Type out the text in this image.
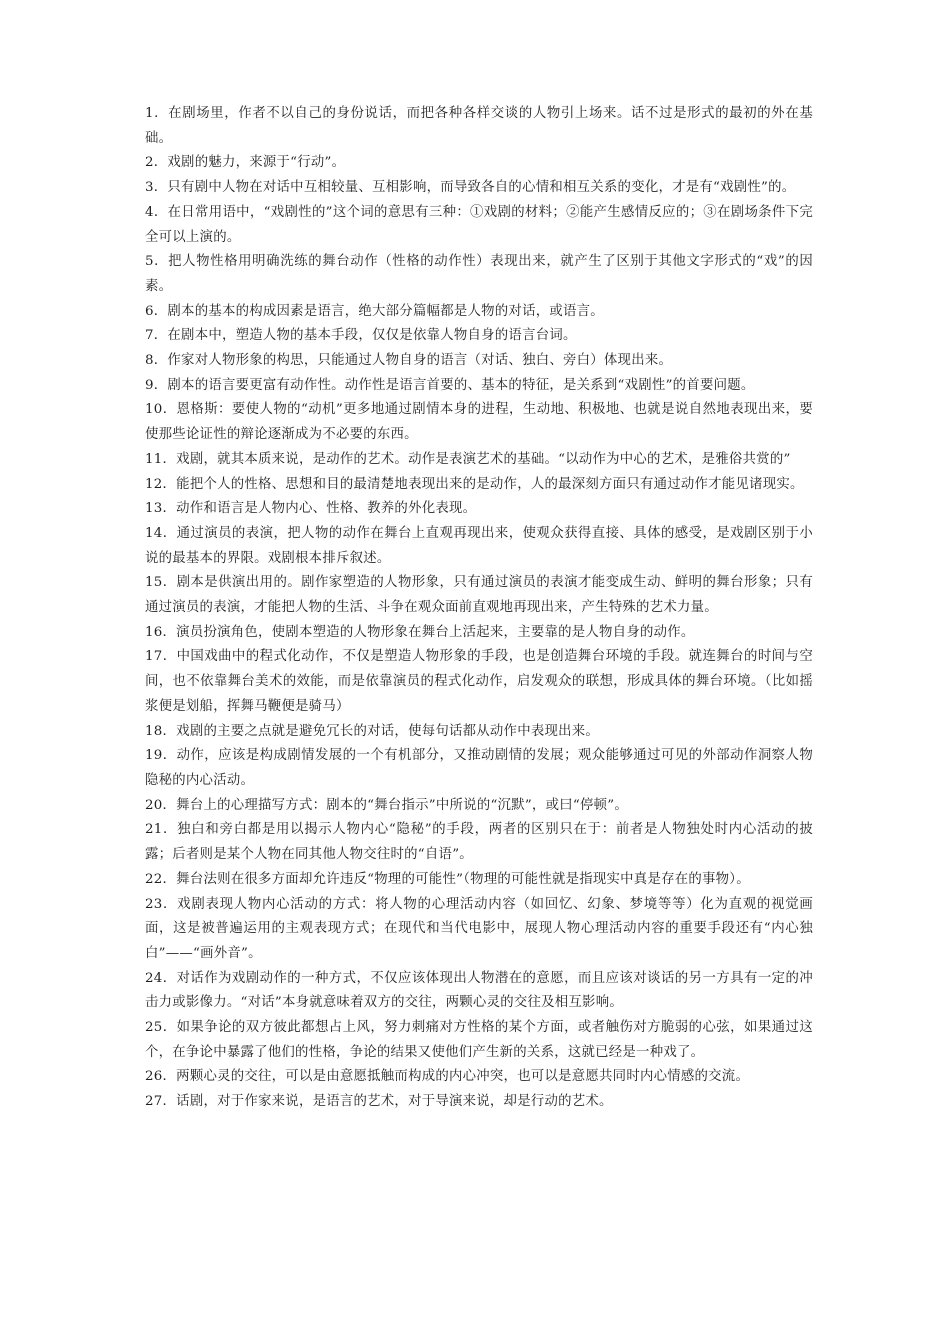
1．在剧场里，作者不以自己的身份说话，而把各种各样交谈的人物引上场来。话不过是形式的最初的外在基础。

2．戏剧的魅力，来源于“行动”。

3．只有剧中人物在对话中互相较量、互相影响，而导致各自的心情和相互关系的变化，才是有“戏剧性”的。

4．在日常用语中，“戏剧性的”这个词的意思有三种：①戏剧的材料；②能产生感情反应的；③在剧场条件下完全可以上演的。

5．把人物性格用明确洗练的舞台动作（性格的动作性）表现出来，就产生了区别于其他文字形式的“戏”的因素。

6．剧本的基本的构成因素是语言，绝大部分篇幅都是人物的对话，或语言。

7．在剧本中，塑造人物的基本手段，仅仅是依靠人物自身的语言台词。

8．作家对人物形象的构思，只能通过人物自身的语言（对话、独白、旁白）体现出来。

9．剧本的语言要更富有动作性。动作性是语言首要的、基本的特征，是关系到“戏剧性”的首要问题。

10．恩格斯：要使人物的“动机”更多地通过剧情本身的进程，生动地、积极地、也就是说自然地表现出来，要使那些论证性的辩论逐渐成为不必要的东西。

11．戏剧，就其本质来说，是动作的艺术。动作是表演艺术的基础。“以动作为中心的艺术，是雅俗共赏的”

12．能把个人的性格、思想和目的最清楚地表现出来的是动作，人的最深刻方面只有通过动作才能见诸现实。

13．动作和语言是人物内心、性格、教养的外化表现。

14．通过演员的表演，把人物的动作在舞台上直观再现出来，使观众获得直接、具体的感受，是戏剧区别于小说的最基本的界限。戏剧根本排斥叙述。

15．剧本是供演出用的。剧作家塑造的人物形象，只有通过演员的表演才能变成生动、鲜明的舞台形象；只有通过演员的表演，才能把人物的生活、斗争在观众面前直观地再现出来，产生特殊的艺术力量。

16．演员扮演角色，使剧本塑造的人物形象在舞台上活起来，主要靠的是人物自身的动作。

17．中国戏曲中的程式化动作，不仅是塑造人物形象的手段，也是创造舞台环境的手段。就连舞台的时间与空间，也不依靠舞台美术的效能，而是依靠演员的程式化动作，启发观众的联想，形成具体的舞台环境。（比如摇浆便是划船，挥舞马鞭便是骑马）

18．戏剧的主要之点就是避免冗长的对话，使每句话都从动作中表现出来。

19．动作，应该是构成剧情发展的一个有机部分，又推动剧情的发展；观众能够通过可见的外部动作洞察人物隐秘的内心活动。

20．舞台上的心理描写方式：剧本的“舞台指示”中所说的“沉默”，或曰“停顿”。

21．独白和旁白都是用以揭示人物内心“隐秘”的手段，两者的区别只在于：前者是人物独处时内心活动的披露；后者则是某个人物在同其他人物交往时的“自语”。

22．舞台法则在很多方面却允许违反“物理的可能性”（物理的可能性就是指现实中真是存在的事物）。

23．戏剧表现人物内心活动的方式：将人物的心理活动内容（如回忆、幻象、梦境等等）化为直观的视觉画面，这是被普遍运用的主观表现方式；在现代和当代电影中，展现人物心理活动内容的重要手段还有“内心独白”——“画外音”。

24．对话作为戏剧动作的一种方式，不仅应该体现出人物潜在的意愿，而且应该对谈话的另一方具有一定的冲击力或影像力。“对话”本身就意味着双方的交往，两颗心灵的交往及相互影响。

25．如果争论的双方彼此都想占上风，努力刺痛对方性格的某个方面，或者触伤对方脆弱的心弦，如果通过这个，在争论中暴露了他们的性格，争论的结果又使他们产生新的关系，这就已经是一种戏了。

26．两颗心灵的交往，可以是由意愿抵触而构成的内心冲突，也可以是意愿共同时内心情感的交流。

27．话剧，对于作家来说，是语言的艺术，对于导演来说，却是行动的艺术。
